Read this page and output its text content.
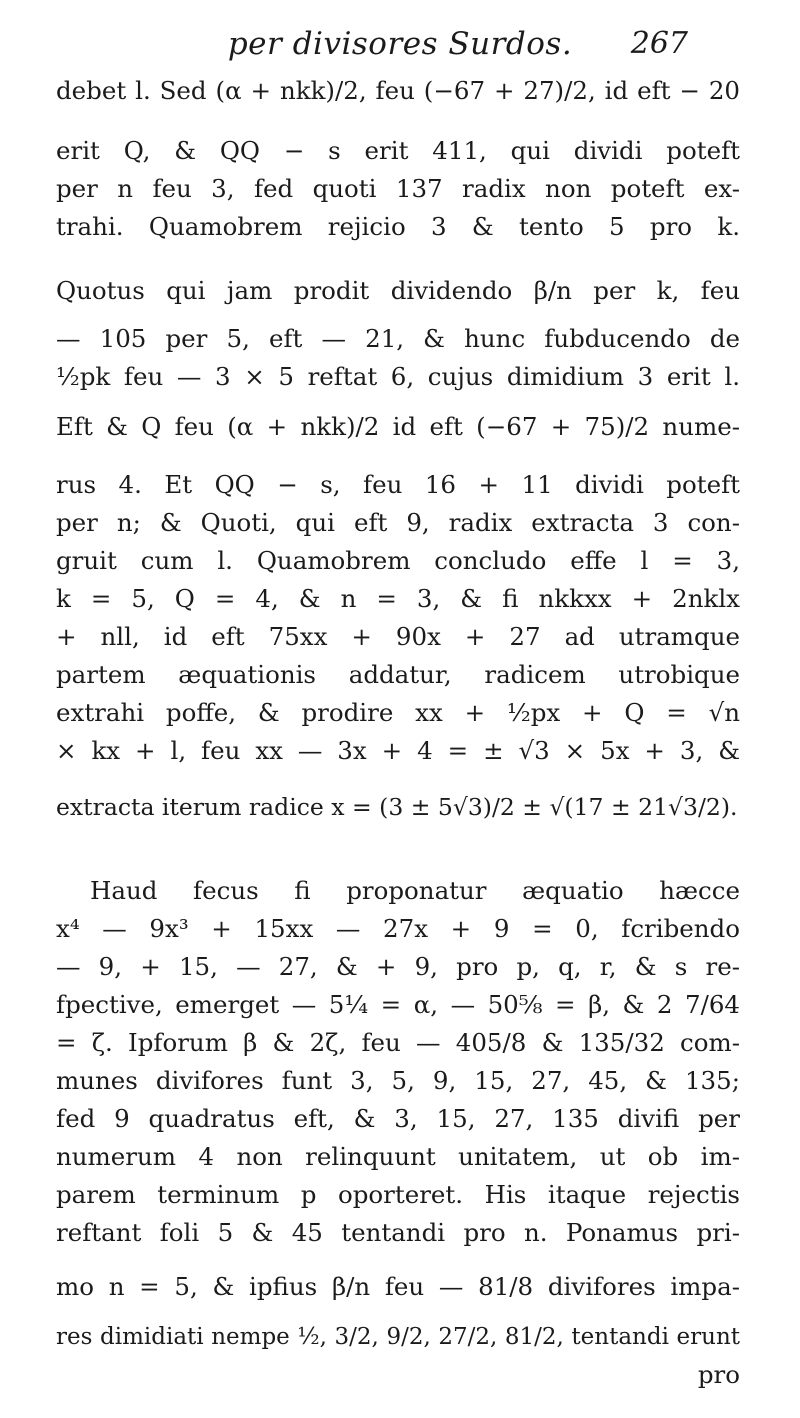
per divisores Surdos.	267
debet l. Sed (α + nkk)/2, feu (−67 + 27)/2, id eft − 20
erit Q, & QQ − s erit 411, qui dividi poteft
per n feu 3, fed quoti 137 radix non poteft ex-
trahi. Quamobrem rejicio 3 & tento 5 pro k.
Quotus qui jam prodit dividendo β/n per k, feu
— 105 per 5, eft — 21, & hunc fubducendo de
½pk feu — 3 × 5 reftat 6, cujus dimidium 3 erit l.
Eft & Q feu (α + nkk)/2 id eft (−67 + 75)/2 nume-
rus 4. Et QQ − s, feu 16 + 11 dividi poteft
per n; & Quoti, qui eft 9, radix extracta 3 con-
gruit cum l. Quamobrem concludo effe l = 3,
k = 5, Q = 4, & n = 3, & fi nkkxx + 2nklx
+ nll, id eft 75xx + 90x + 27 ad utramque
partem æquationis addatur, radicem utrobique
extrahi poffe, & prodire xx + ½px + Q = √n
× kx + l, feu xx — 3x + 4 = ± √3 × 5x + 3, &
extracta iterum radice x = (3 ± 5√3)/2 ± √(17 ± 21√3/2).
Haud fecus fi proponatur æquatio hæcce
x⁴ — 9x³ + 15xx — 27x + 9 = 0, fcribendo
— 9, + 15, — 27, & + 9, pro p, q, r, & s re-
fpective, emerget — 5¼ = α, — 50⅝ = β, & 2 7/64
= ζ. Ipforum β & 2ζ, feu — 405/8 & 135/32 com-
munes divifores funt 3, 5, 9, 15, 27, 45, & 135;
fed 9 quadratus eft, & 3, 15, 27, 135 divifi per
numerum 4 non relinquunt unitatem, ut ob im-
parem terminum p oporteret. His itaque rejectis
reftant foli 5 & 45 tentandi pro n. Ponamus pri-
mo n = 5, & ipfius β/n feu — 81/8 divifores impa-
res dimidiati nempe ½, 3/2, 9/2, 27/2, 81/2, tentandi erunt
pro
